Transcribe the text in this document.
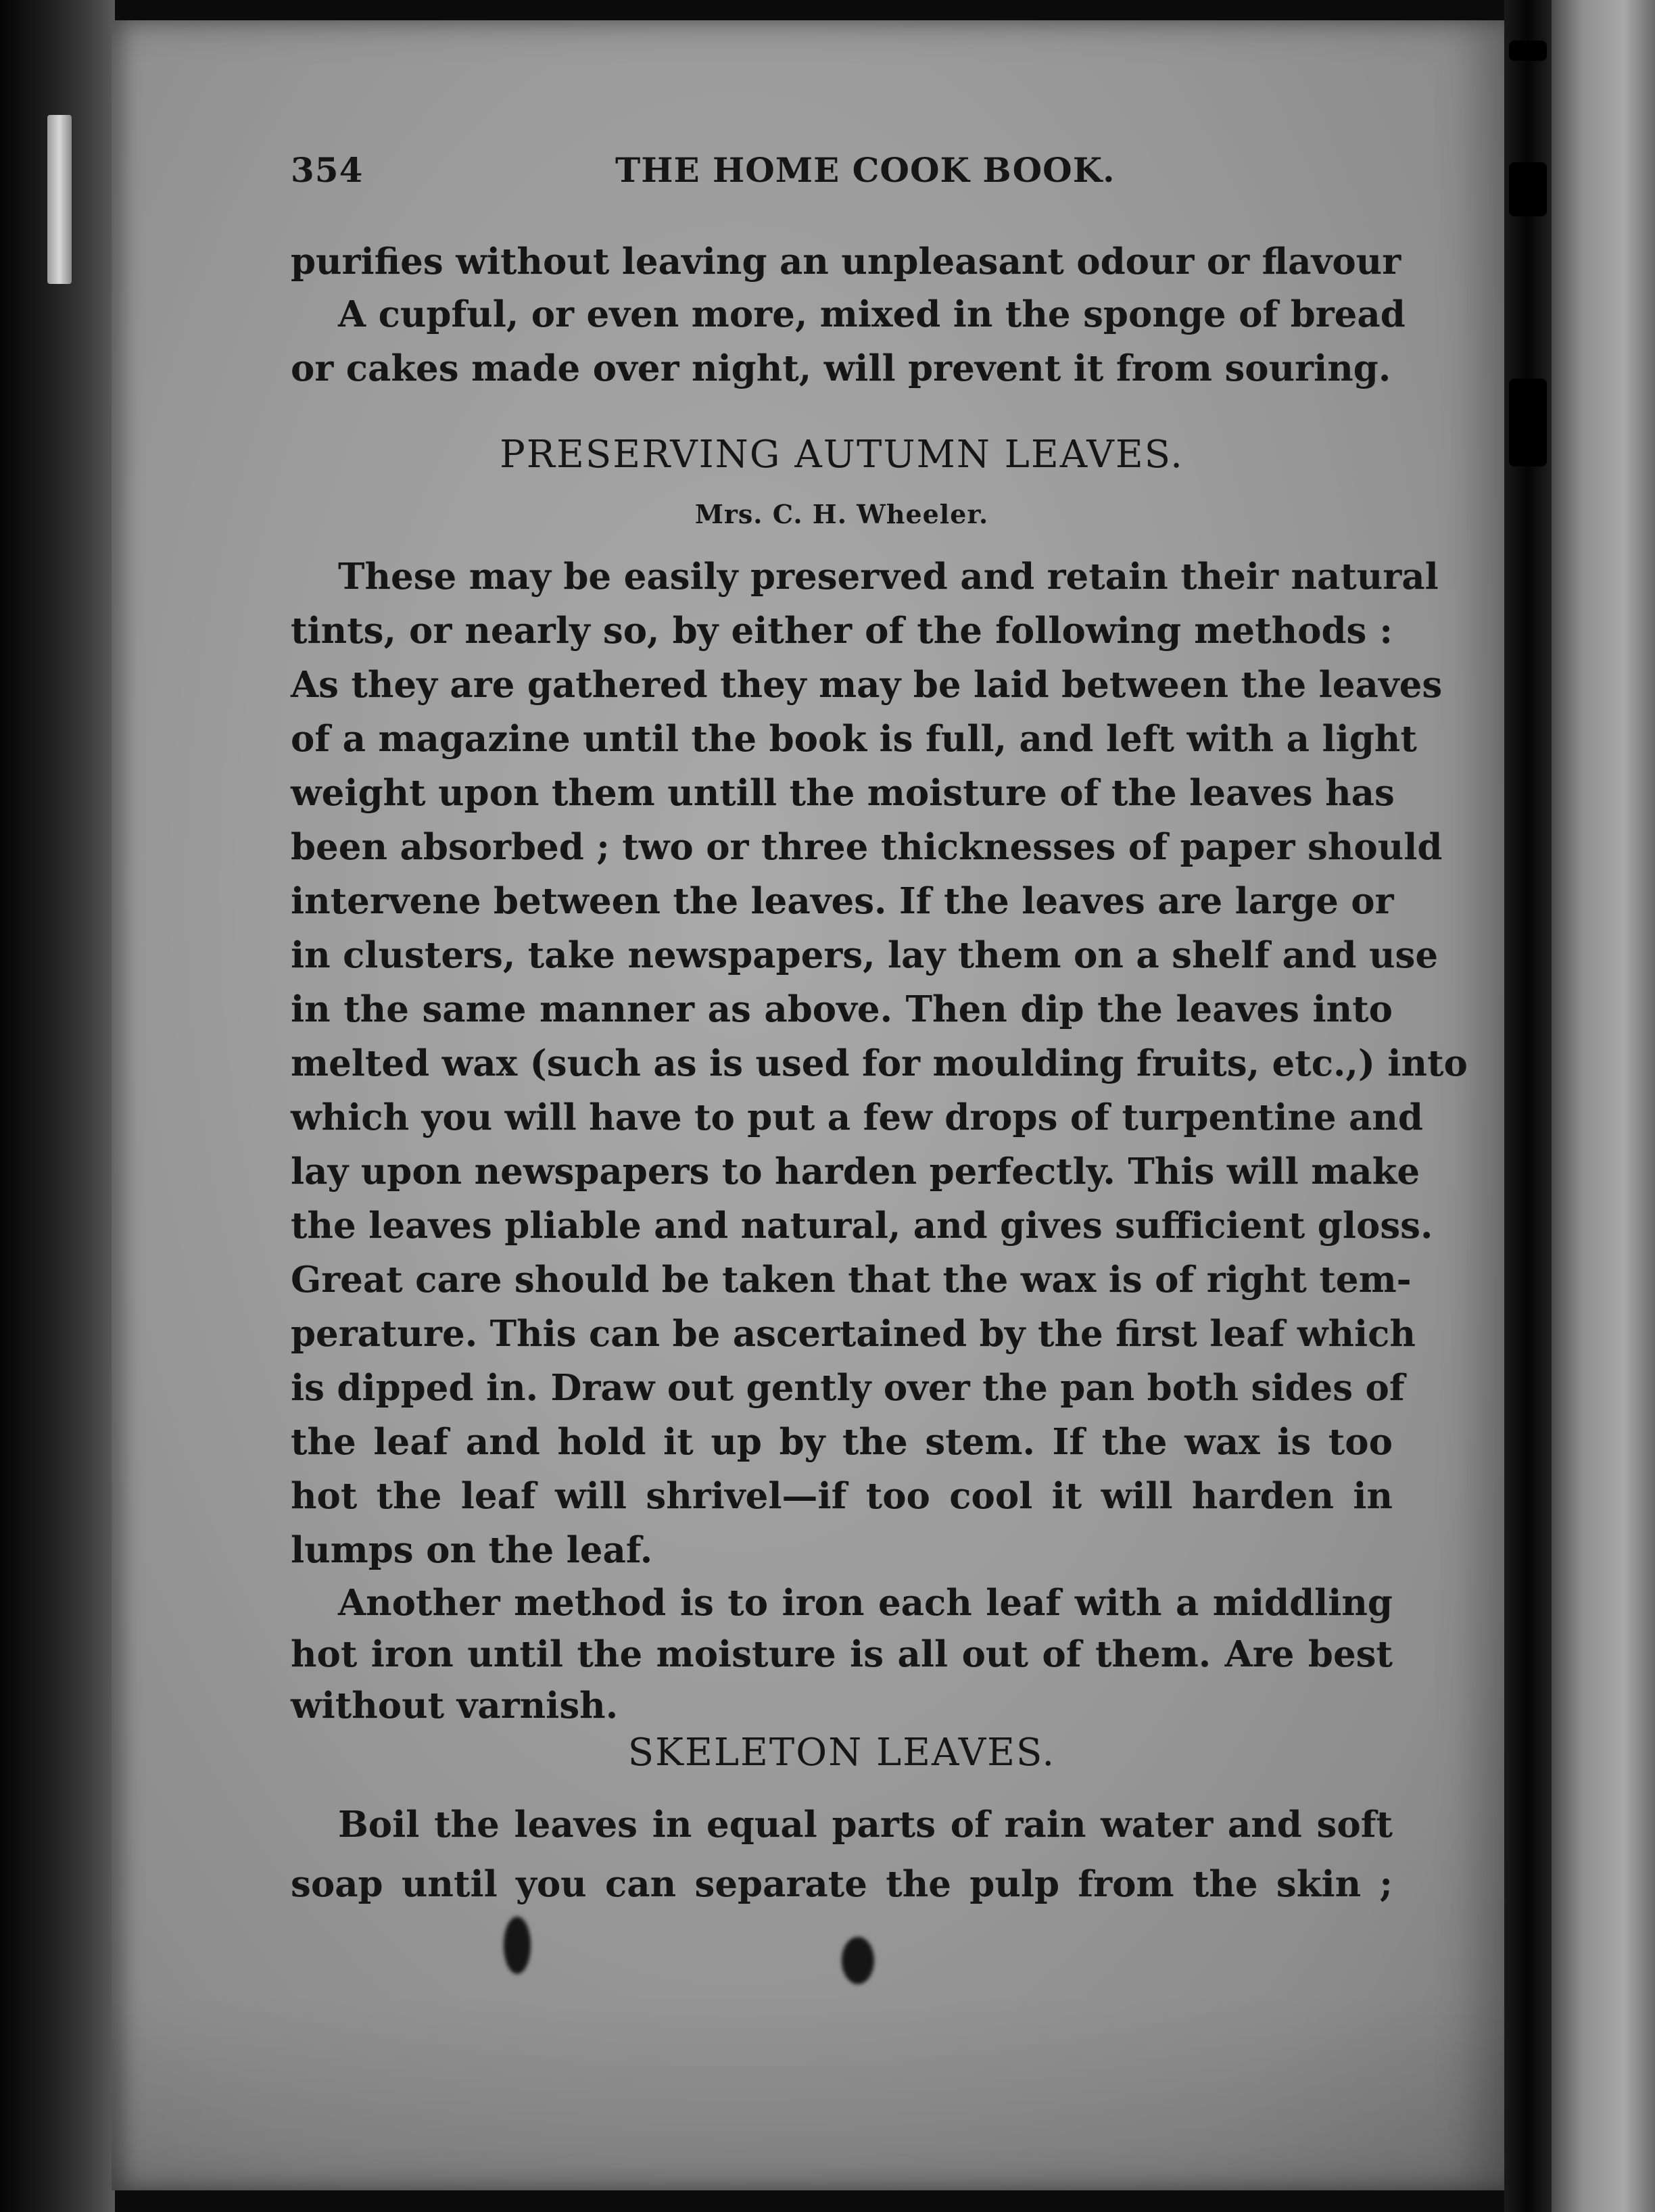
354	THE HOME COOK BOOK.
purifies without leaving an unpleasant odour or flavour
A cupful, or even more, mixed in the sponge of bread
or cakes made over night, will prevent it from souring.
PRESERVING AUTUMN LEAVES.
Mrs. C. H. Wheeler.
These may be easily preserved and retain their natural
tints, or nearly so, by either of the following methods :
As they are gathered they may be laid between the leaves
of a magazine until the book is full, and left with a light
weight upon them untill the moisture of the leaves has
been absorbed ; two or three thicknesses of paper should
intervene between the leaves. If the leaves are large or
in clusters, take newspapers, lay them on a shelf and use
in the same manner as above. Then dip the leaves into
melted wax (such as is used for moulding fruits, etc.,) into
which you will have to put a few drops of turpentine and
lay upon newspapers to harden perfectly. This will make
the leaves pliable and natural, and gives sufficient gloss.
Great care should be taken that the wax is of right tem-
perature. This can be ascertained by the first leaf which
is dipped in. Draw out gently over the pan both sides of
the leaf and hold it up by the stem. If the wax is too
hot the leaf will shrivel—if too cool it will harden in
lumps on the leaf.
Another method is to iron each leaf with a middling
hot iron until the moisture is all out of them. Are best
without varnish.
SKELETON LEAVES.
Boil the leaves in equal parts of rain water and soft
soap until you can separate the pulp from the skin ;
